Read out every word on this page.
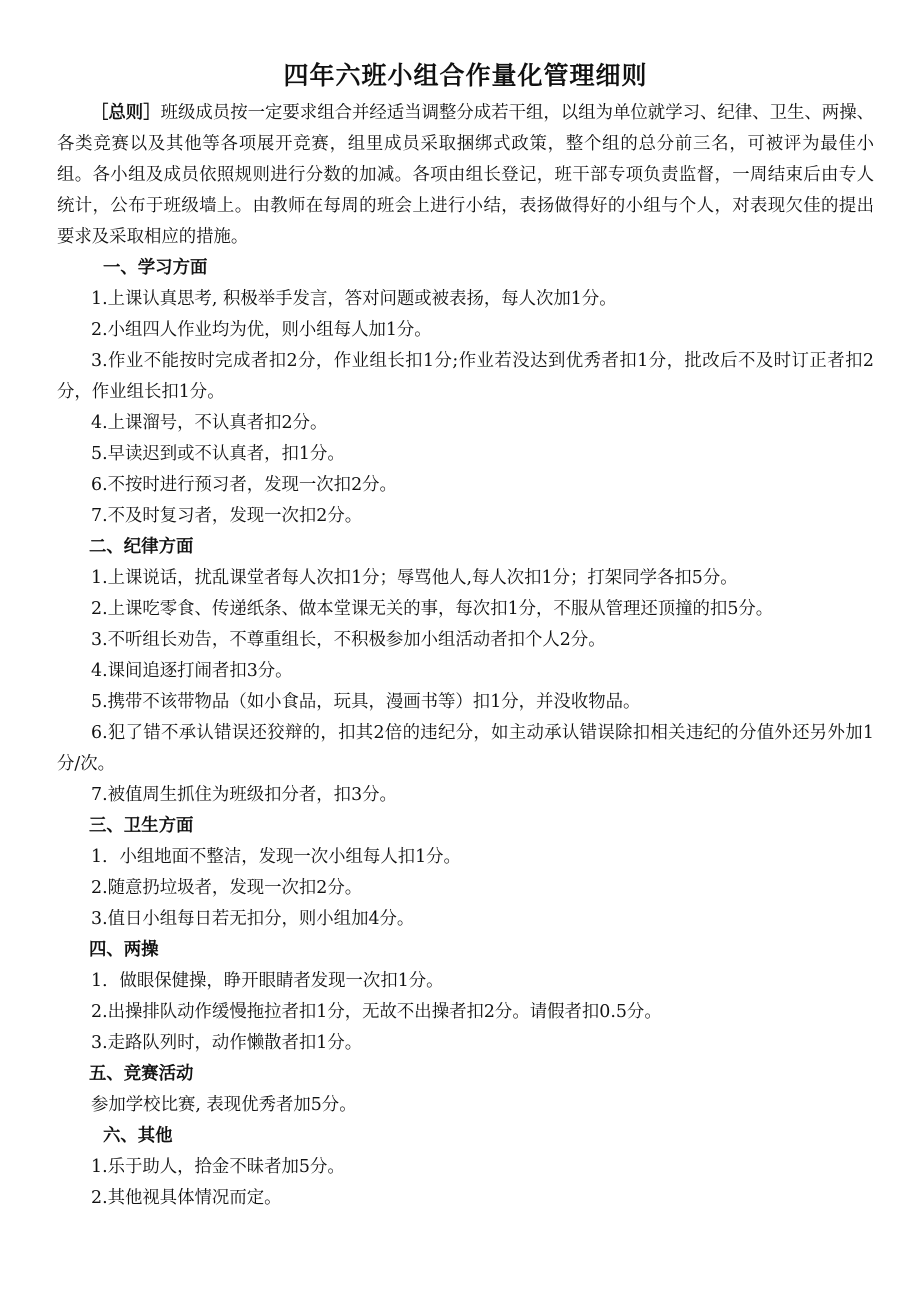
四年六班小组合作量化管理细则

［总则］班级成员按一定要求组合并经适当调整分成若干组，以组为单位就学习、纪律、卫生、两操、各类竞赛以及其他等各项展开竞赛，组里成员采取捆绑式政策，整个组的总分前三名，可被评为最佳小组。各小组及成员依照规则进行分数的加减。各项由组长登记，班干部专项负责监督，一周结束后由专人统计，公布于班级墙上。由教师在每周的班会上进行小结，表扬做得好的小组与个人，对表现欠佳的提出要求及采取相应的措施。

一、学习方面

1.上课认真思考, 积极举手发言，答对问题或被表扬，每人次加1分。

2.小组四人作业均为优，则小组每人加1分。

3.作业不能按时完成者扣2分，作业组长扣1分;作业若没达到优秀者扣1分，批改后不及时订正者扣2分，作业组长扣1分。

4.上课溜号，不认真者扣2分。

5.早读迟到或不认真者，扣1分。

6.不按时进行预习者，发现一次扣2分。

7.不及时复习者，发现一次扣2分。

二、纪律方面

1.上课说话，扰乱课堂者每人次扣1分；辱骂他人,每人次扣1分；打架同学各扣5分。

2.上课吃零食、传递纸条、做本堂课无关的事，每次扣1分，不服从管理还顶撞的扣5分。

3.不听组长劝告，不尊重组长，不积极参加小组活动者扣个人2分。

4.课间追逐打闹者扣3分。

5.携带不该带物品（如小食品，玩具，漫画书等）扣1分，并没收物品。

6.犯了错不承认错误还狡辩的，扣其2倍的违纪分，如主动承认错误除扣相关违纪的分值外还另外加1分/次。

7.被值周生抓住为班级扣分者，扣3分。

三、卫生方面

1．小组地面不整洁，发现一次小组每人扣1分。

2.随意扔垃圾者，发现一次扣2分。

3.值日小组每日若无扣分，则小组加4分。

四、两操

1．做眼保健操，睁开眼睛者发现一次扣1分。

2.出操排队动作缓慢拖拉者扣1分，无故不出操者扣2分。请假者扣0.5分。

3.走路队列时，动作懒散者扣1分。

五、竞赛活动

参加学校比赛, 表现优秀者加5分。

六、其他

1.乐于助人，拾金不昧者加5分。

2.其他视具体情况而定。
